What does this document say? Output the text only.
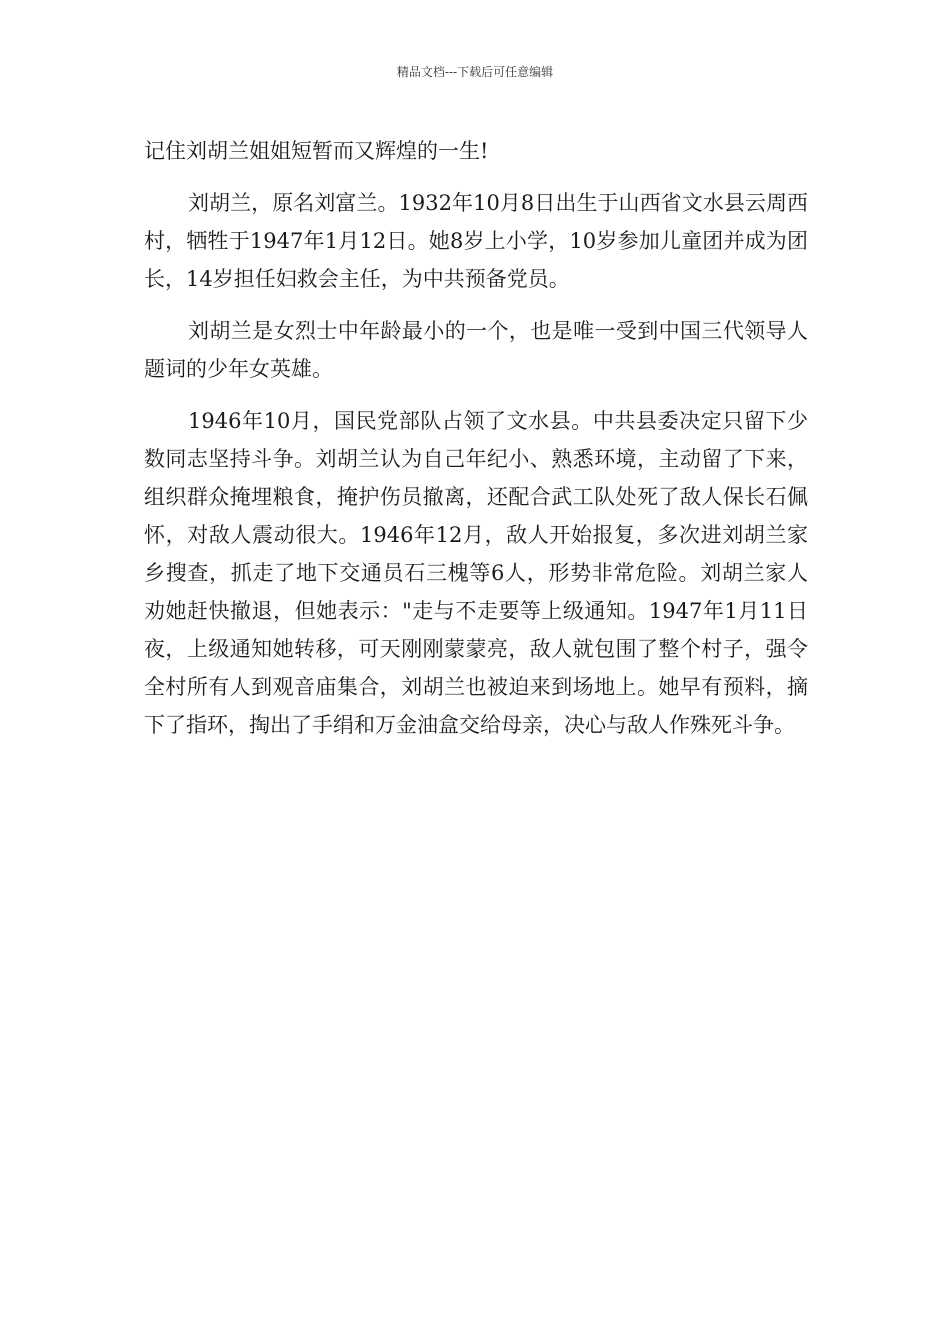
精品文档---下载后可任意编辑

记住刘胡兰姐姐短暂而又辉煌的一生!

刘胡兰，原名刘富兰。1932年10月8日出生于山西省文水县云周西村，牺牲于1947年1月12日。她8岁上小学，10岁参加儿童团并成为团长，14岁担任妇救会主任，为中共预备党员。

刘胡兰是女烈士中年龄最小的一个，也是唯一受到中国三代领导人题词的少年女英雄。

1946年10月，国民党部队占领了文水县。中共县委决定只留下少数同志坚持斗争。刘胡兰认为自己年纪小、熟悉环境，主动留了下来，组织群众掩埋粮食，掩护伤员撤离，还配合武工队处死了敌人保长石佩怀，对敌人震动很大。1946年12月，敌人开始报复，多次进刘胡兰家乡搜查，抓走了地下交通员石三槐等6人，形势非常危险。刘胡兰家人劝她赶快撤退，但她表示："走与不走要等上级通知。1947年1月11日夜，上级通知她转移，可天刚刚蒙蒙亮，敌人就包围了整个村子，强令全村所有人到观音庙集合，刘胡兰也被迫来到场地上。她早有预料，摘下了指环，掏出了手绢和万金油盒交给母亲，决心与敌人作殊死斗争。
